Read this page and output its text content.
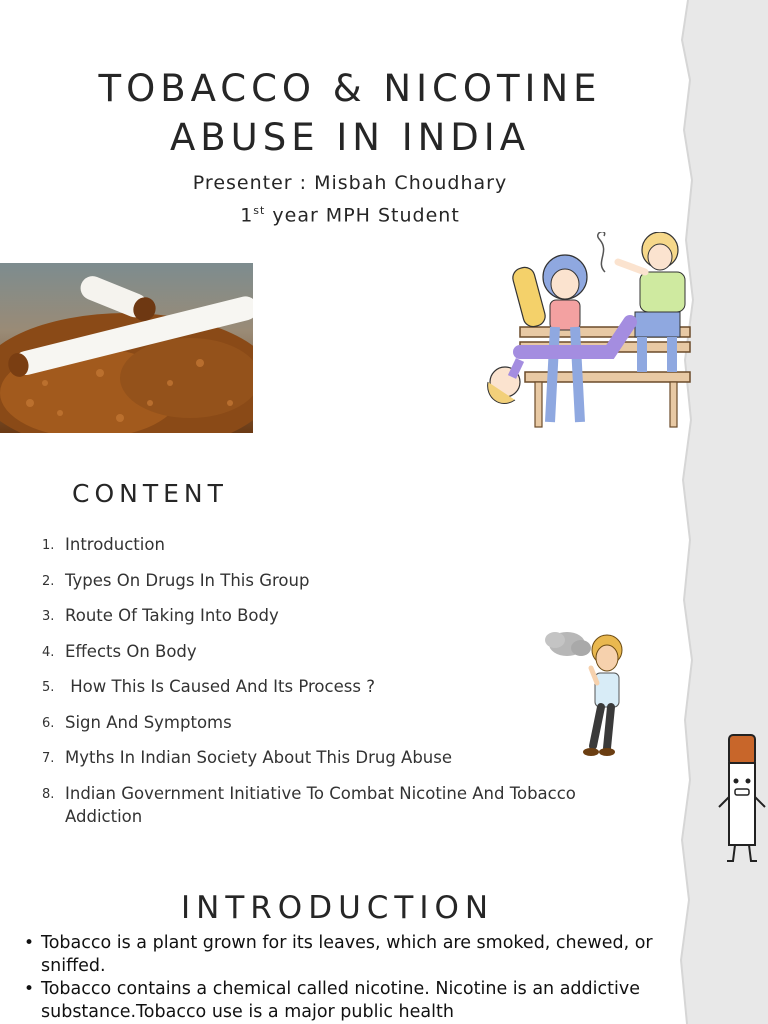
TOBACCO & NICOTINE
ABUSE IN INDIA
Presenter : Misbah Choudhary
1st year MPH Student
CONTENT
1. Introduction
2. Types On Drugs In This Group
3. Route Of Taking Into Body
4. Effects On Body
5. How This Is Caused And Its Process ?
6. Sign And Symptoms
7. Myths In Indian Society About This Drug Abuse
8. Indian Government Initiative To Combat Nicotine And Tobacco Addiction
INTRODUCTION
• Tobacco is a plant grown for its leaves, which are smoked, chewed, or sniffed.
• Tobacco contains a chemical called nicotine. Nicotine is an addictive substance.Tobacco use is a major public health
